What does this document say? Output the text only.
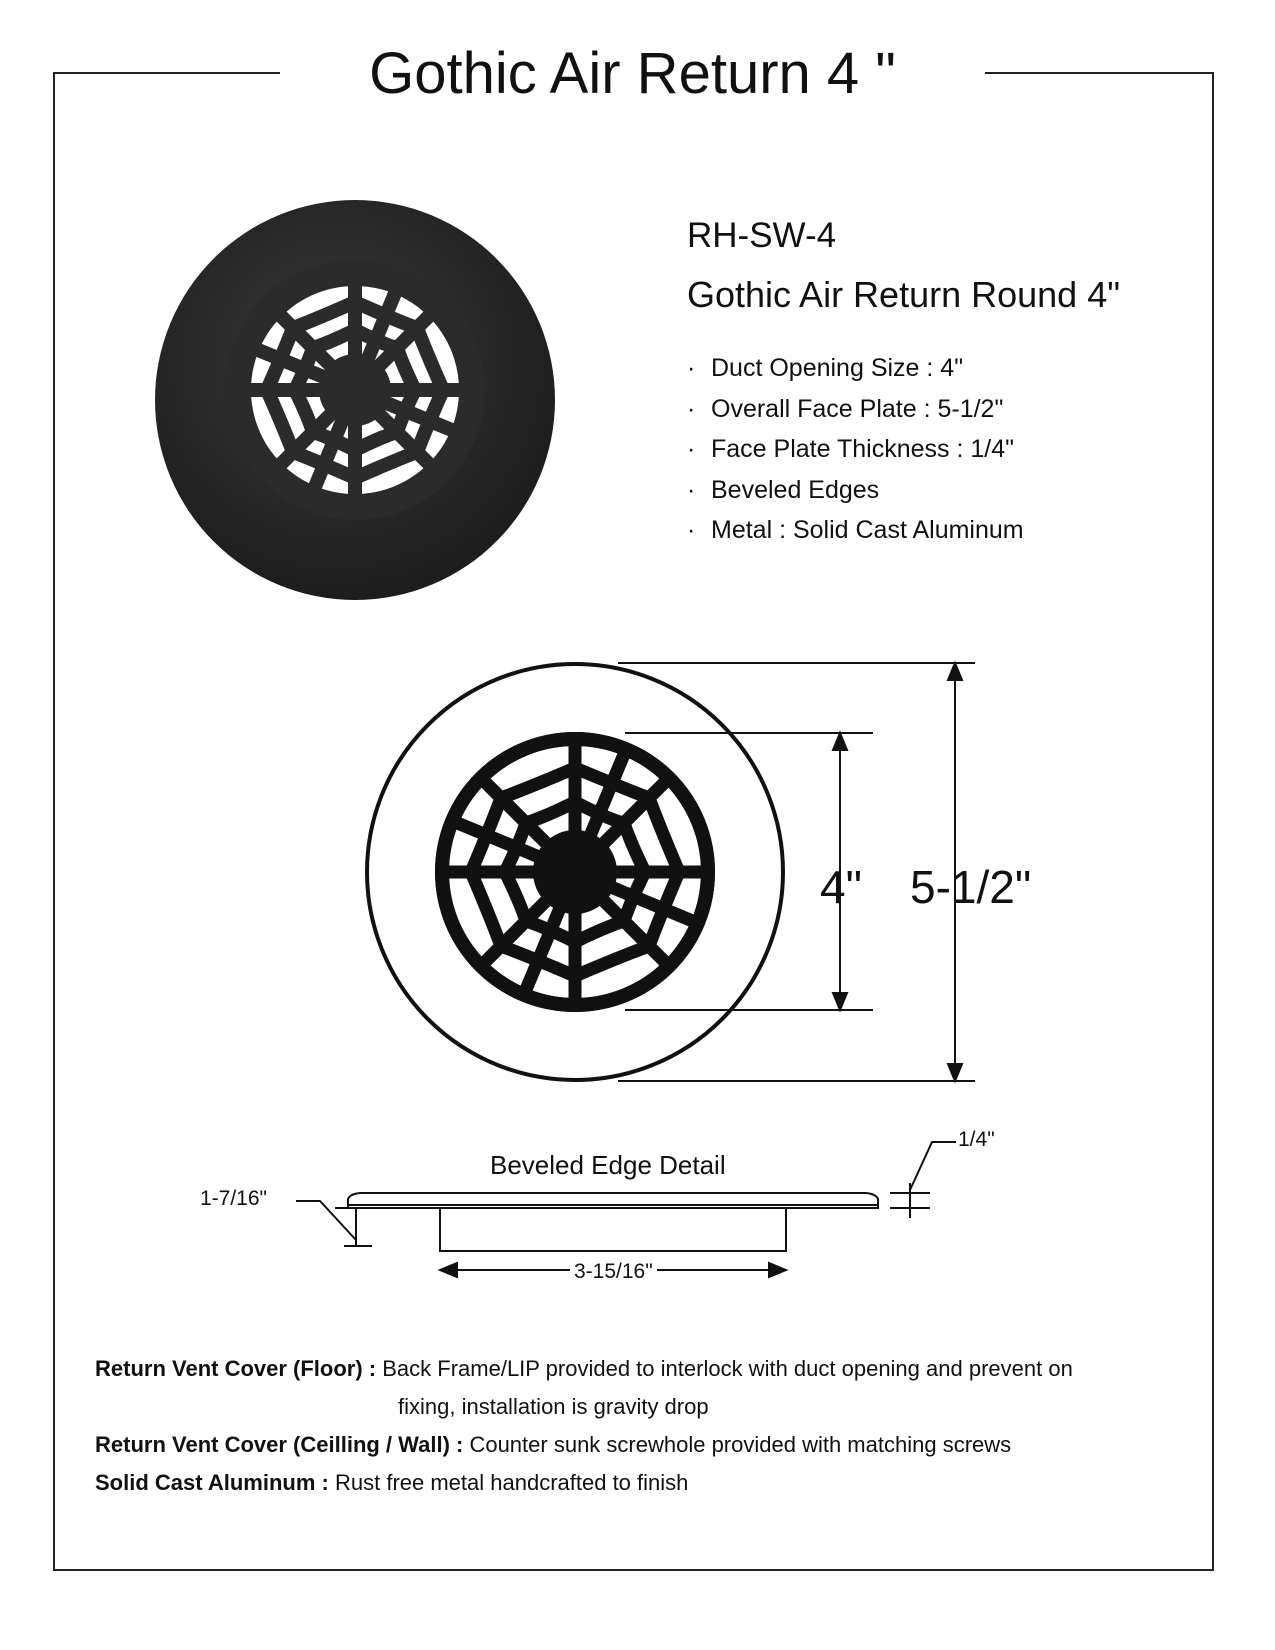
Gothic Air Return 4 "
RH-SW-4
Gothic Air Return Round 4"
· Duct Opening Size : 4"
· Overall Face Plate : 5-1/2"
· Face Plate Thickness : 1/4"
· Beveled Edges
· Metal : Solid Cast Aluminum
4" 5-1/2"
Beveled Edge Detail
1-7/16"
1/4"
3-15/16"
Return Vent Cover (Floor) : Back Frame/LIP provided to interlock with duct opening and prevent on
fixing, installation is gravity drop
Return Vent Cover (Ceilling / Wall) : Counter sunk screwhole provided with matching screws
Solid Cast Aluminum : Rust free metal handcrafted to finish
